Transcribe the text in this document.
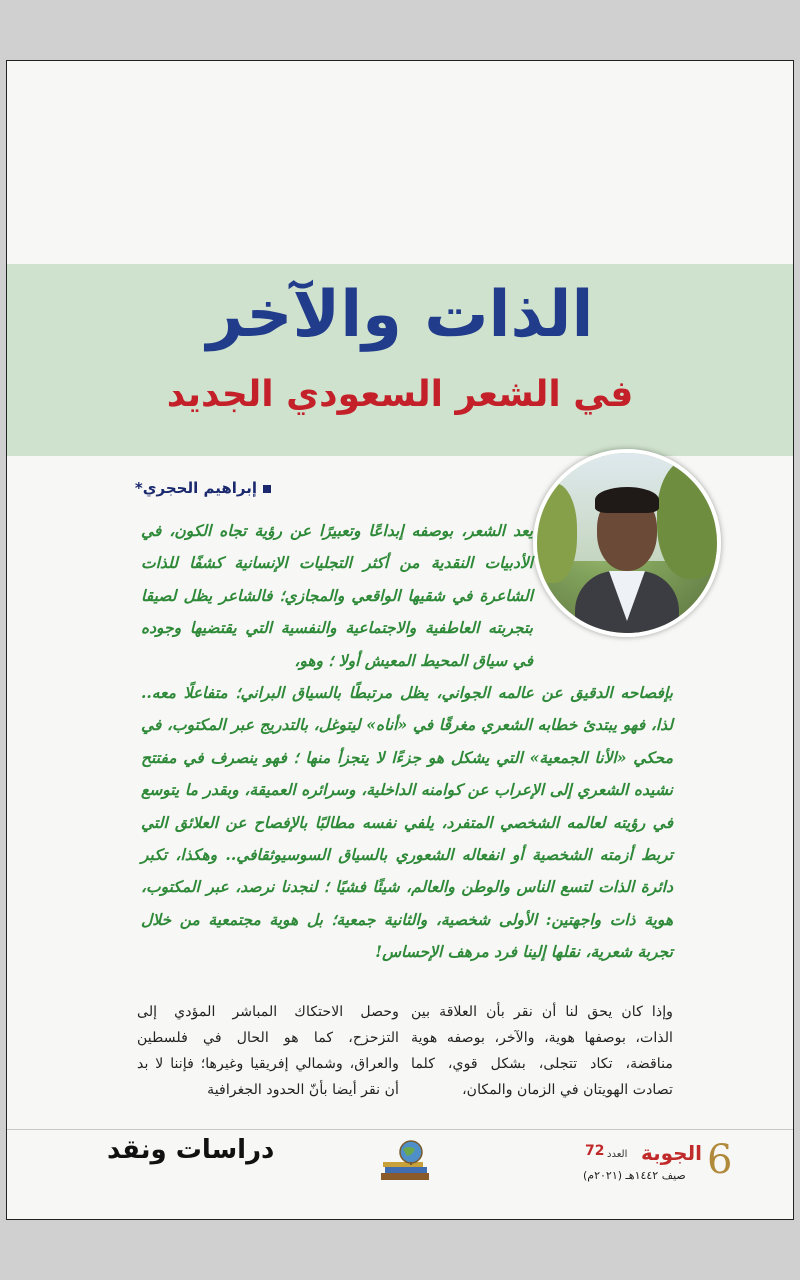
الذات والآخر
في الشعر السعودي الجديد
إبراهيم الحجري*
يعد الشعر، بوصفه إبداعًا وتعبيرًا عن رؤية تجاه الكون، في الأدبيات النقدية من أكثر التجليات الإنسانية كشفًا للذات الشاعرة في شقيها الواقعي والمجازي؛ فالشاعر يظل لصيقا بتجربته العاطفية والاجتماعية والنفسية التي يقتضيها وجوده في سياق المحيط المعيش أولا ؛ وهو،
بإفصاحه الدقيق عن عالمه الجواني، يظل مرتبطًا بالسياق البراني؛ متفاعلًا معه.. لذا، فهو يبتدئ خطابه الشعري مغرقًا في «أناه» ليتوغل، بالتدريج عبر المكتوب، في محكي «الأنا الجمعية» التي يشكل هو جزءًا لا يتجزأ منها ؛ فهو ينصرف في مفتتح نشيده الشعري إلى الإعراب عن كوامنه الداخلية، وسرائره العميقة، وبقدر ما يتوسع في رؤيته لعالمه الشخصي المتفرد، يلفي نفسه مطالبًا بالإفصاح عن العلائق التي تربط أزمته الشخصية أو انفعاله الشعوري بالسياق السوسيوثقافي.. وهكذا، تكبر دائرة الذات لتسع الناس والوطن والعالم، شيئًا فشيًا ؛ لنجدنا نرصد، عبر المكتوب، هوية ذات واجهتين: الأولى شخصية، والثانية جمعية؛ بل هوية مجتمعية من خلال تجربة شعرية، نقلها إلينا فرد مرهف الإحساس!
وإذا كان يحق لنا أن نقر بأن العلاقة بين الذات، بوصفها هوية، والآخر، بوصفه هوية مناقضة، تكاد تتجلى، بشكل قوي، كلما تصادت الهويتان في الزمان والمكان،
وحصل الاحتكاك المباشر المؤدي إلى التزحزح، كما هو الحال في فلسطين والعراق، وشمالي إفريقيا وغيرها؛ فإننا لا بد أن نقر أيضا بأنّ الحدود الجغرافية
دراسات ونقد	6
الجوبة
العدد
72
صيف ١٤٤٢هـ (٢٠٢١م)
